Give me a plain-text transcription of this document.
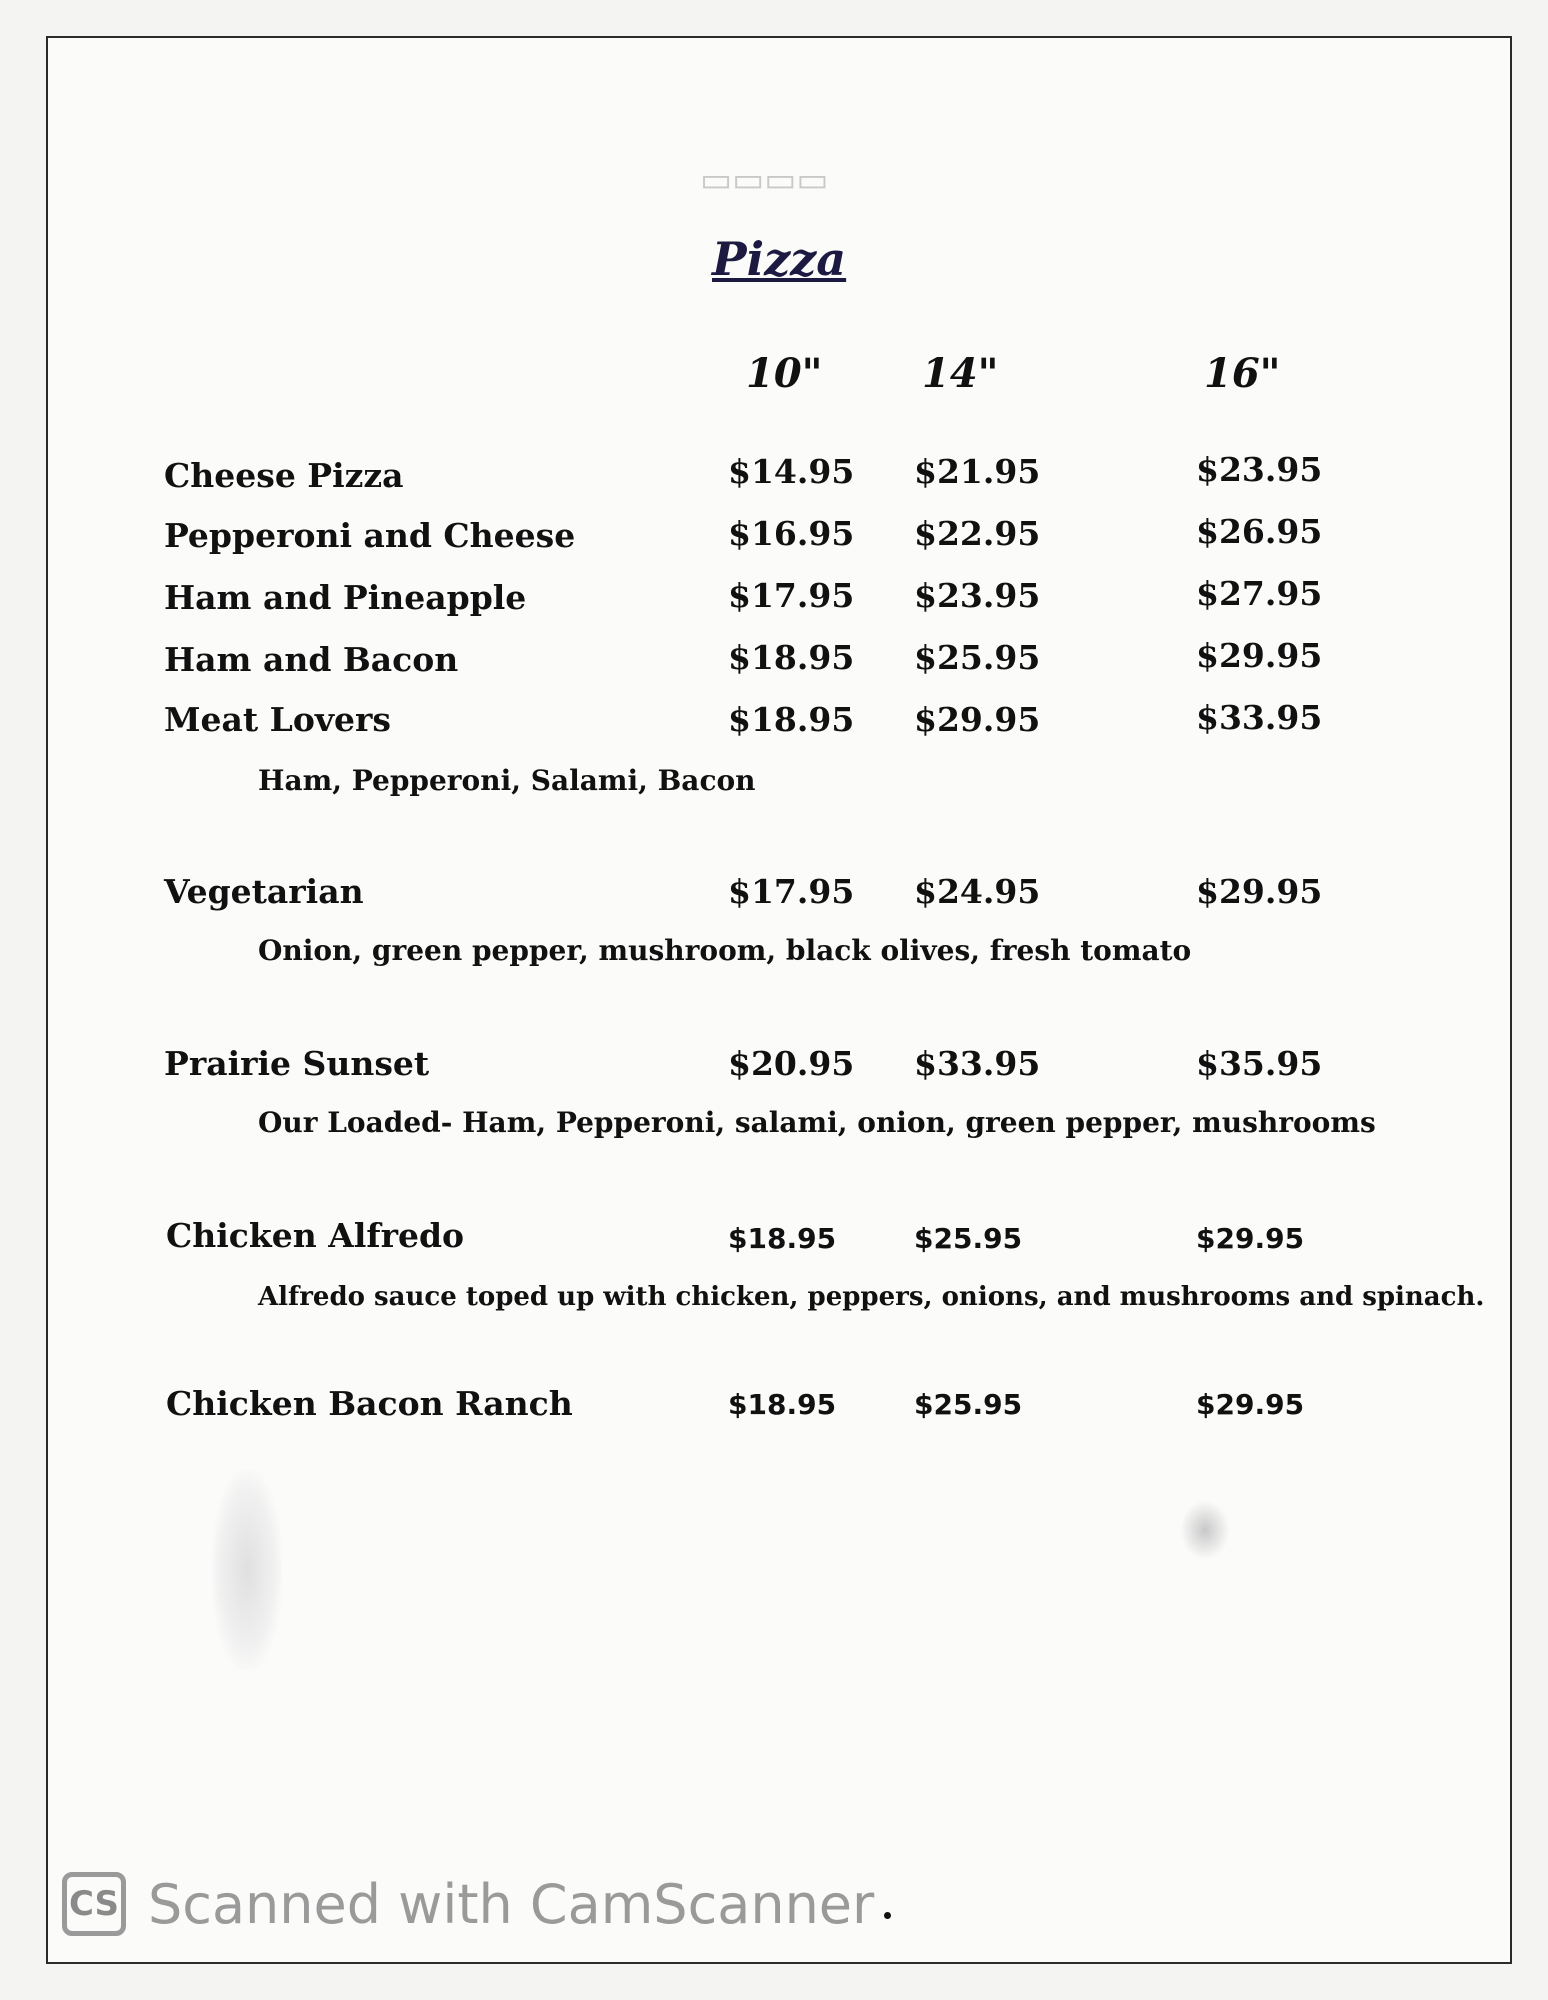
▭▭▭▭
Pizza
10" 14"	16"
Cheese Pizza	$14.95 $21.95	$23.95
Pepperoni and Cheese	$16.95 $22.95	$26.95
Ham and Pineapple	$17.95 $23.95	$27.95
Ham and Bacon	$18.95 $25.95	$29.95
Meat Lovers	$18.95 $29.95	$33.95
Ham, Pepperoni, Salami, Bacon
Vegetarian	$17.95 $24.95	$29.95
Onion, green pepper, mushroom, black olives, fresh tomato
Prairie Sunset	$20.95 $33.95	$35.95
Our Loaded- Ham, Pepperoni, salami, onion, green pepper, mushrooms
Chicken Alfredo	$18.95	$25.95	$29.95
Alfredo sauce toped up with chicken, peppers, onions, and mushrooms and spinach.
Chicken Bacon Ranch	$18.95	$25.95	$29.95
CS Scanned with CamScanner
